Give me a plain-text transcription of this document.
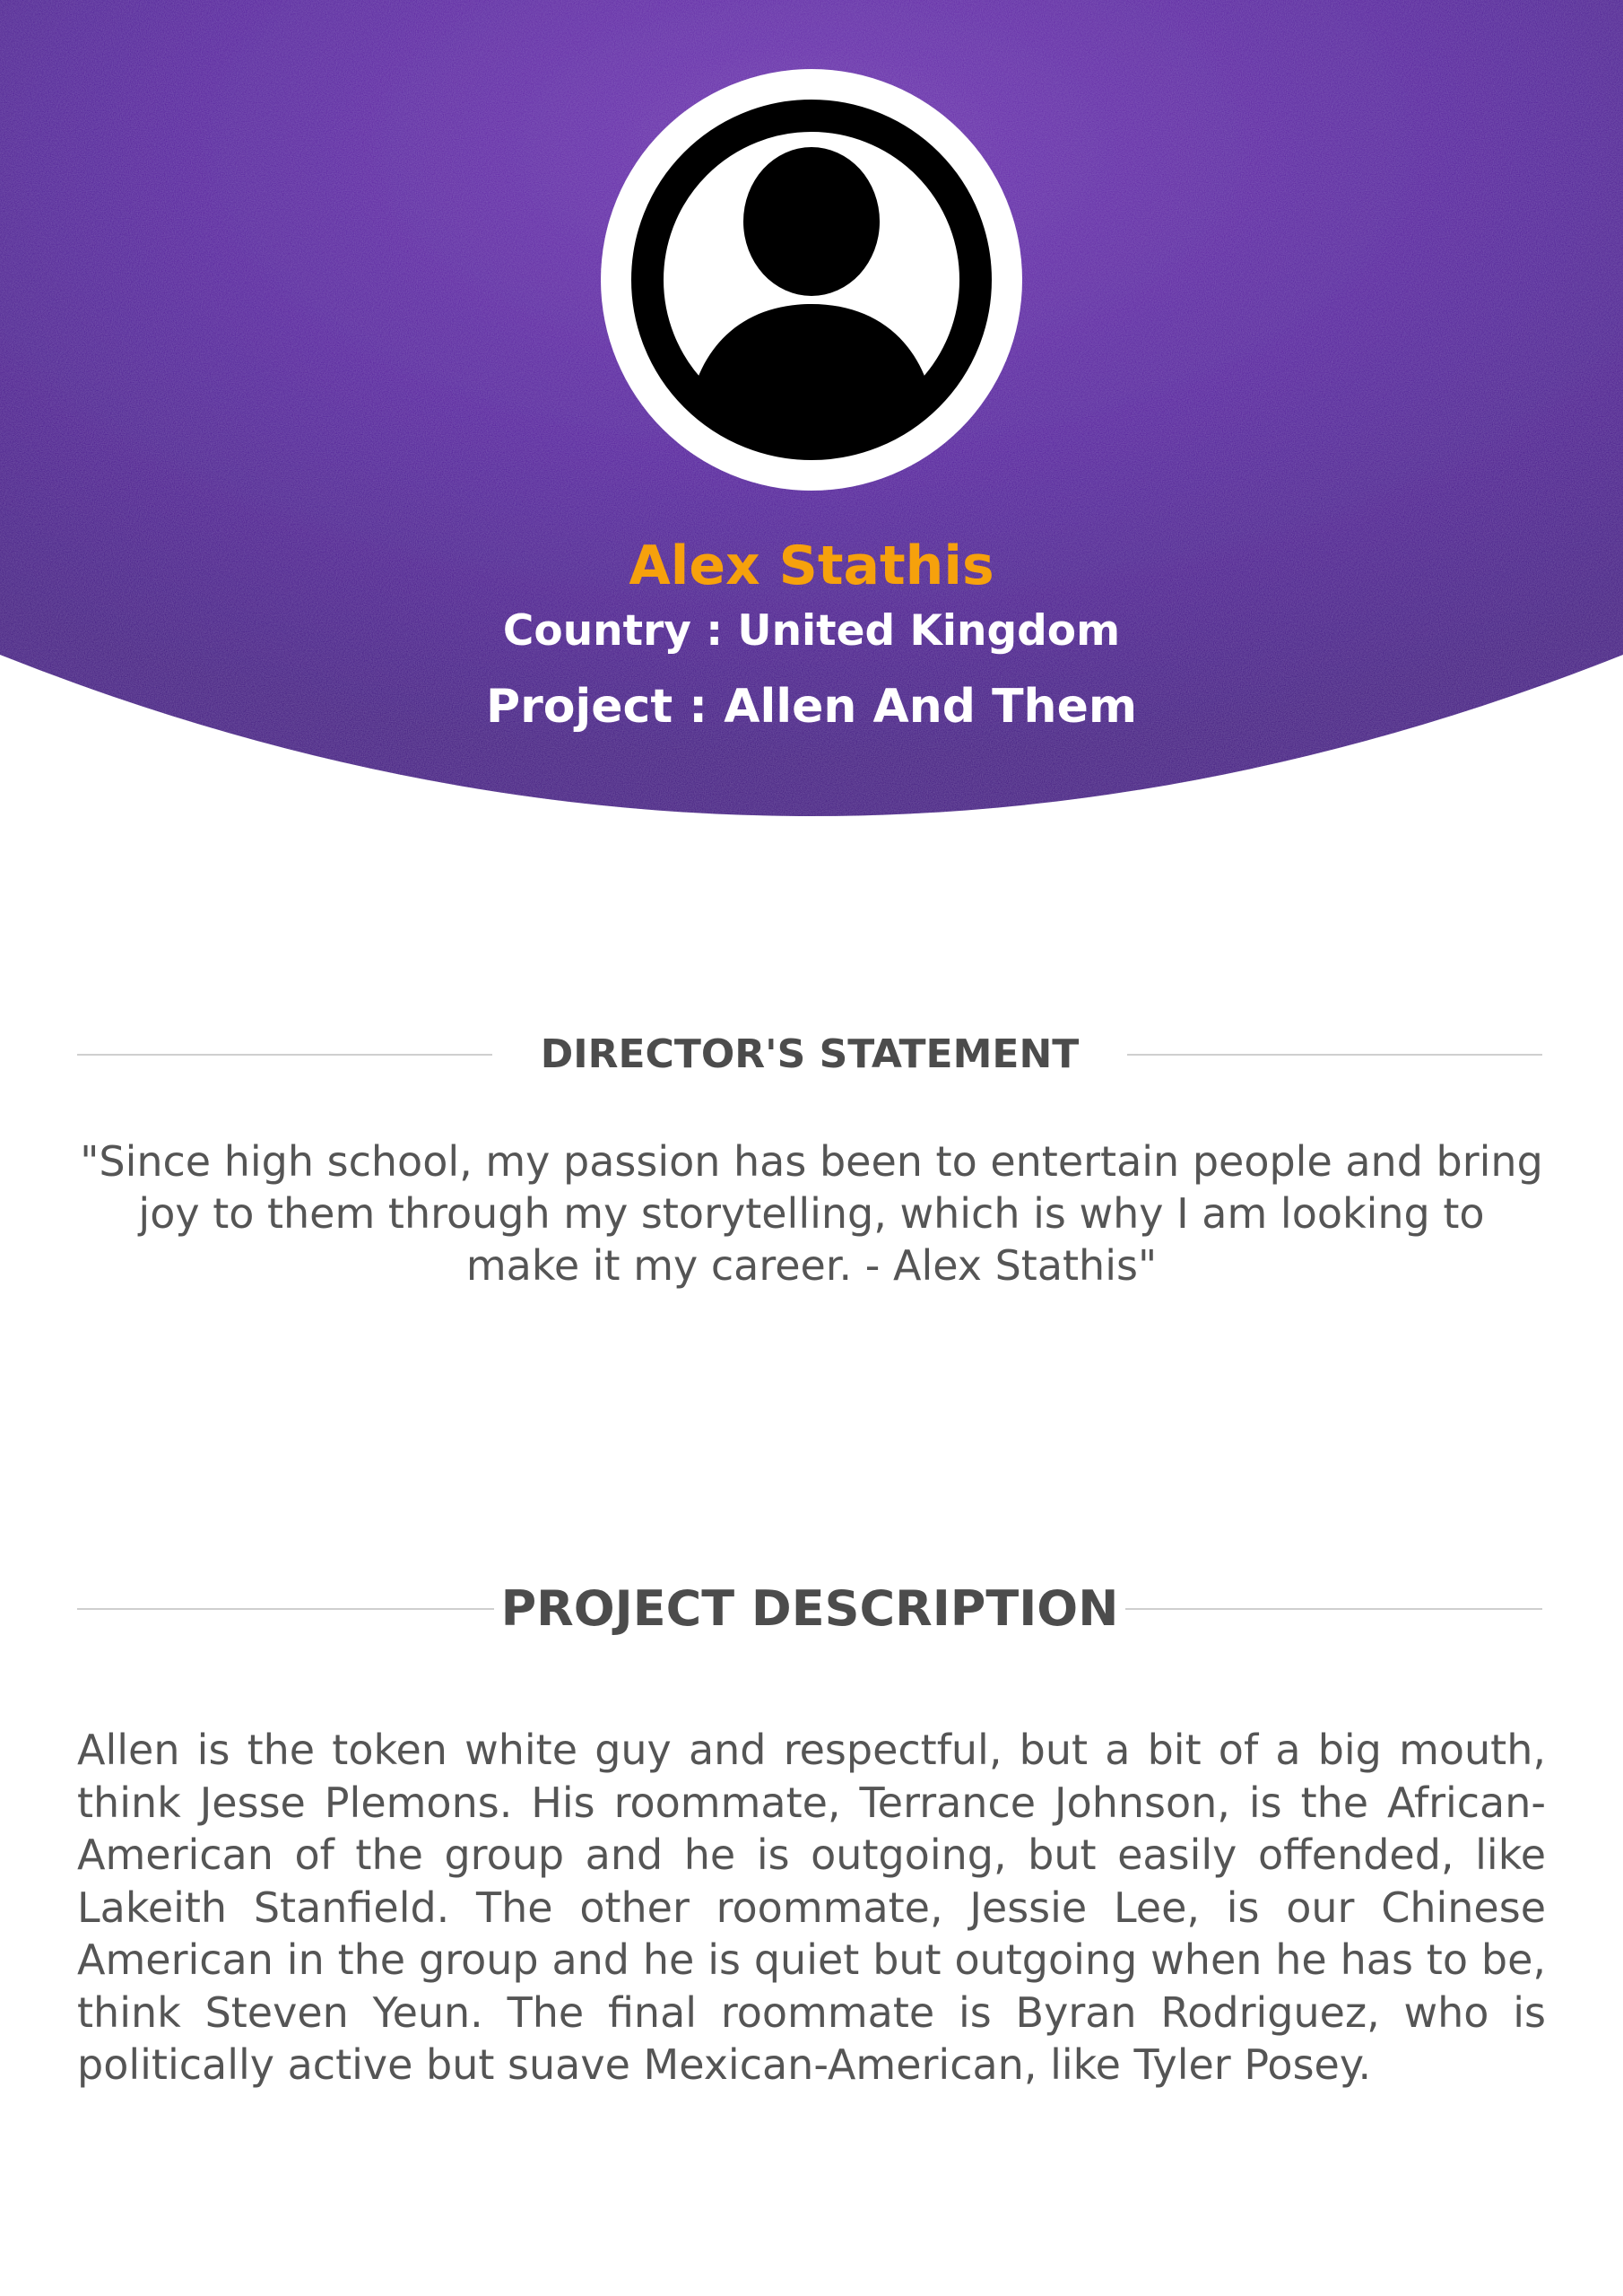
Alex Stathis
Country : United Kingdom
Project : Allen And Them
DIRECTOR'S STATEMENT
"Since high school, my passion has been to entertain people and bring joy to them through my storytelling, which is why I am looking to make it my career. - Alex Stathis"
PROJECT DESCRIPTION
Allen is the token white guy and respectful, but a bit of a big mouth, think Jesse Plemons. His roommate, Terrance Johnson, is the African-American of the group and he is outgoing, but easily offended, like Lakeith Stanfield. The other roommate, Jessie Lee, is our Chinese American in the group and he is quiet but outgoing when he has to be, think Steven Yeun. The final roommate is Byran Rodriguez, who is politically active but suave Mexican-American, like Tyler Posey.
